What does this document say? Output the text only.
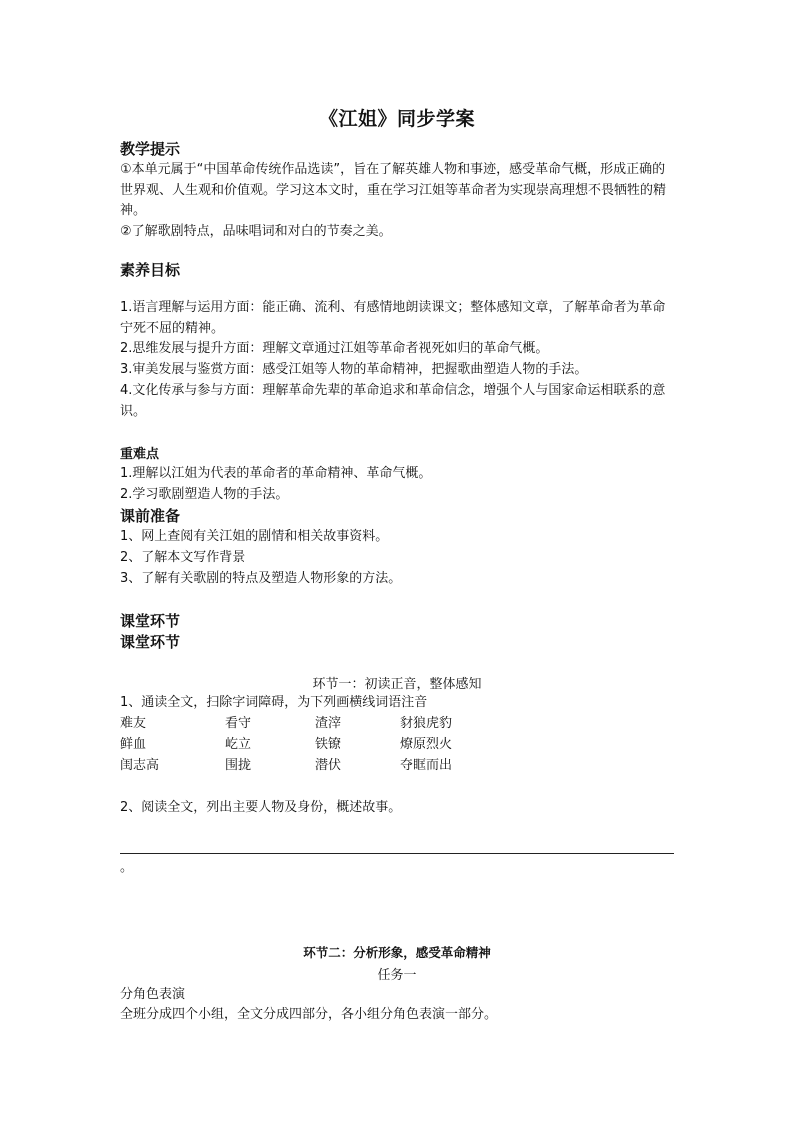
《江姐》同步学案
教学提示
①本单元属于“中国革命传统作品选读”，旨在了解英雄人物和事迹，感受革命气概，形成正确的世界观、人生观和价值观。学习这本文时，重在学习江姐等革命者为实现崇高理想不畏牺牲的精神。
②了解歌剧特点，品味唱词和对白的节奏之美。
素养目标
1.语言理解与运用方面：能正确、流利、有感情地朗读课文；整体感知文章，了解革命者为革命宁死不屈的精神。
2.思维发展与提升方面：理解文章通过江姐等革命者视死如归的革命气概。
3.审美发展与鉴赏方面：感受江姐等人物的革命精神，把握歌曲塑造人物的手法。
4.文化传承与参与方面：理解革命先辈的革命追求和革命信念，增强个人与国家命运相联系的意识。
重难点
1.理解以江姐为代表的革命者的革命精神、革命气概。
2.学习歌剧塑造人物的手法。
课前准备
1、网上查阅有关江姐的剧情和相关故事资料。
2、了解本文写作背景
3、了解有关歌剧的特点及塑造人物形象的方法。
课堂环节
课堂环节
环节一：初读正音，整体感知
1、通读全文，扫除字词障碍，为下列画横线词语注音
难友	看守	渣滓	豺狼虎豹
鲜血	屹立	铁镣	燎原烈火
闺志高	围拢	潜伏	夺眶而出
2、阅读全文，列出主要人物及身份，概述故事。
。
环节二：分析形象，感受革命精神
任务一
分角色表演
全班分成四个小组，全文分成四部分，各小组分角色表演一部分。
